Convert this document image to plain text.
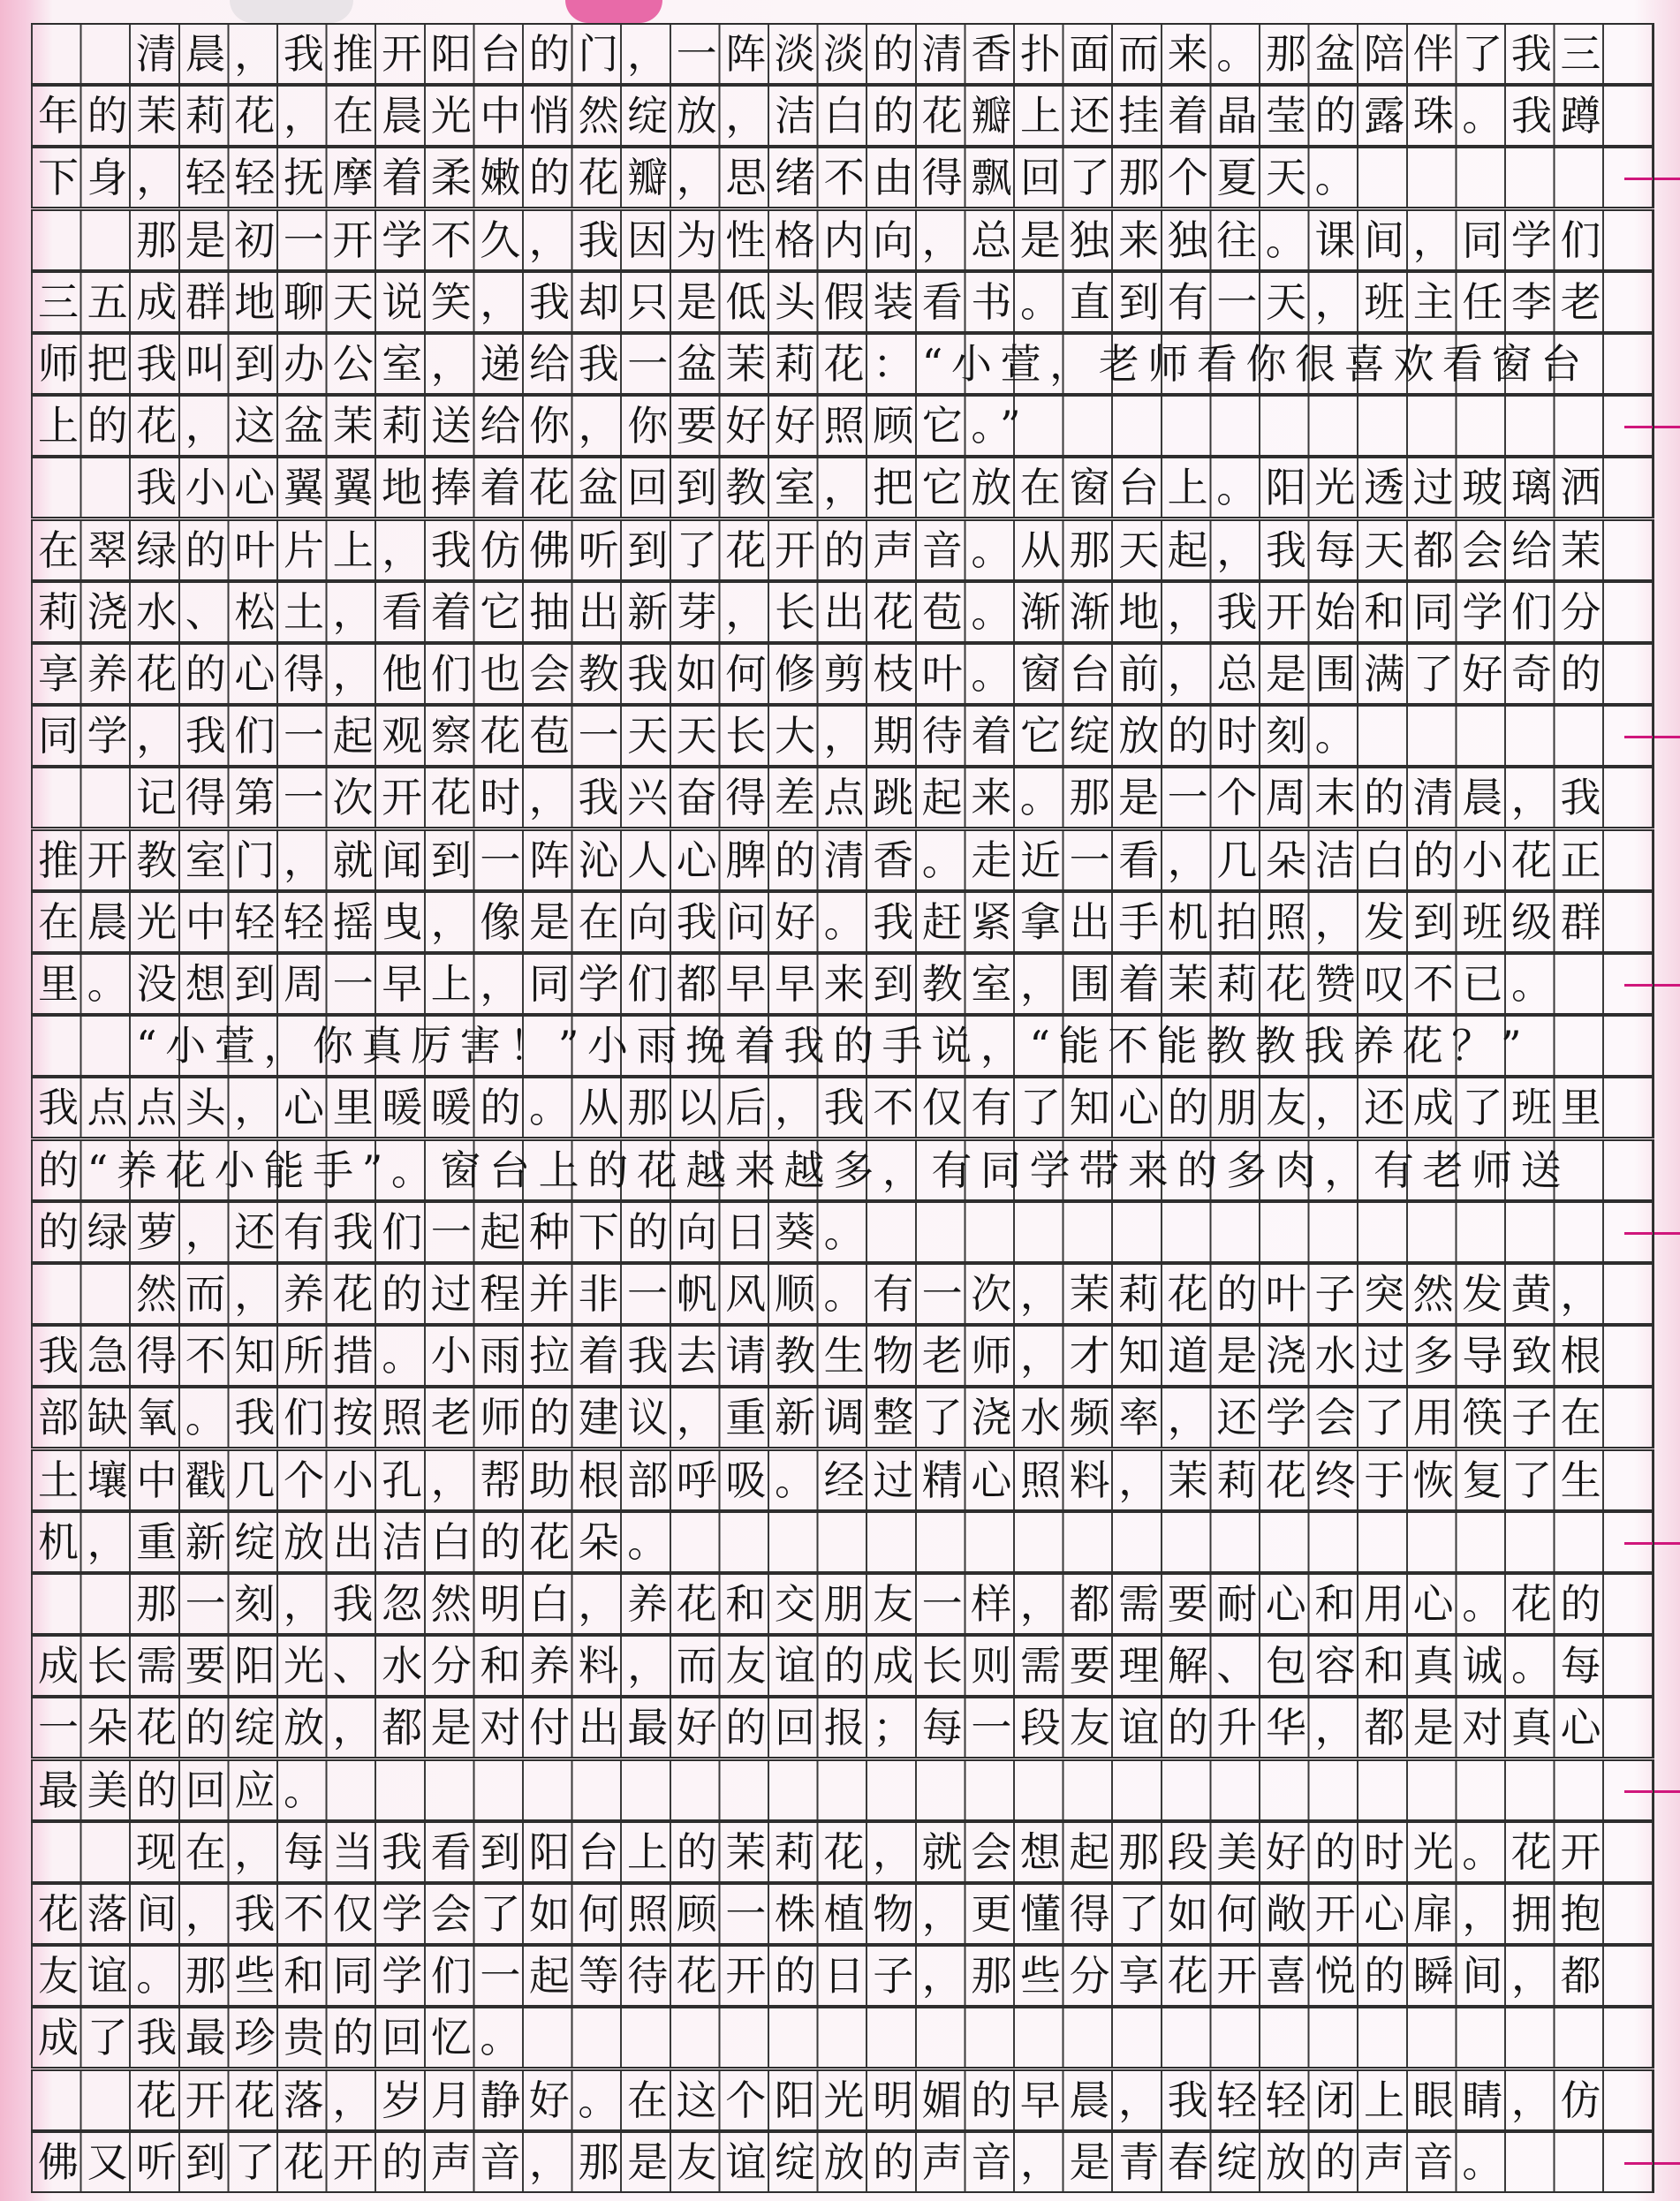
清晨，我推开阳台的门，一阵淡淡的清香扑面而来。那盆陪伴了我三
年的茉莉花，在晨光中悄然绽放，洁白的花瓣上还挂着晶莹的露珠。我蹲
下身，轻轻抚摩着柔嫩的花瓣，思绪不由得飘回了那个夏天。
那是初一开学不久，我因为性格内向，总是独来独往。课间，同学们
三五成群地聊天说笑，我却只是低头假装看书。直到有一天，班主任李老
师把我叫到办公室，递给我一盆茉莉花：“小萱，老师看你很喜欢看窗台
上的花，这盆茉莉送给你，你要好好照顾它。”
我小心翼翼地捧着花盆回到教室，把它放在窗台上。阳光透过玻璃洒
在翠绿的叶片上，我仿佛听到了花开的声音。从那天起，我每天都会给茉
莉浇水、松土，看着它抽出新芽，长出花苞。渐渐地，我开始和同学们分
享养花的心得，他们也会教我如何修剪枝叶。窗台前，总是围满了好奇的
同学，我们一起观察花苞一天天长大，期待着它绽放的时刻。
记得第一次开花时，我兴奋得差点跳起来。那是一个周末的清晨，我
推开教室门，就闻到一阵沁人心脾的清香。走近一看，几朵洁白的小花正
在晨光中轻轻摇曳，像是在向我问好。我赶紧拿出手机拍照，发到班级群
里。没想到周一早上，同学们都早早来到教室，围着茉莉花赞叹不已。
“小萱，你真厉害！”小雨挽着我的手说，“能不能教教我养花？”
我点点头，心里暖暖的。从那以后，我不仅有了知心的朋友，还成了班里
的“养花小能手”。窗台上的花越来越多，有同学带来的多肉，有老师送
的绿萝，还有我们一起种下的向日葵。
然而，养花的过程并非一帆风顺。有一次，茉莉花的叶子突然发黄，
我急得不知所措。小雨拉着我去请教生物老师，才知道是浇水过多导致根
部缺氧。我们按照老师的建议，重新调整了浇水频率，还学会了用筷子在
土壤中戳几个小孔，帮助根部呼吸。经过精心照料，茉莉花终于恢复了生
机，重新绽放出洁白的花朵。
那一刻，我忽然明白，养花和交朋友一样，都需要耐心和用心。花的
成长需要阳光、水分和养料，而友谊的成长则需要理解、包容和真诚。每
一朵花的绽放，都是对付出最好的回报；每一段友谊的升华，都是对真心
最美的回应。
现在，每当我看到阳台上的茉莉花，就会想起那段美好的时光。花开
花落间，我不仅学会了如何照顾一株植物，更懂得了如何敞开心扉，拥抱
友谊。那些和同学们一起等待花开的日子，那些分享花开喜悦的瞬间，都
成了我最珍贵的回忆。
花开花落，岁月静好。在这个阳光明媚的早晨，我轻轻闭上眼睛，仿
佛又听到了花开的声音，那是友谊绽放的声音，是青春绽放的声音。
